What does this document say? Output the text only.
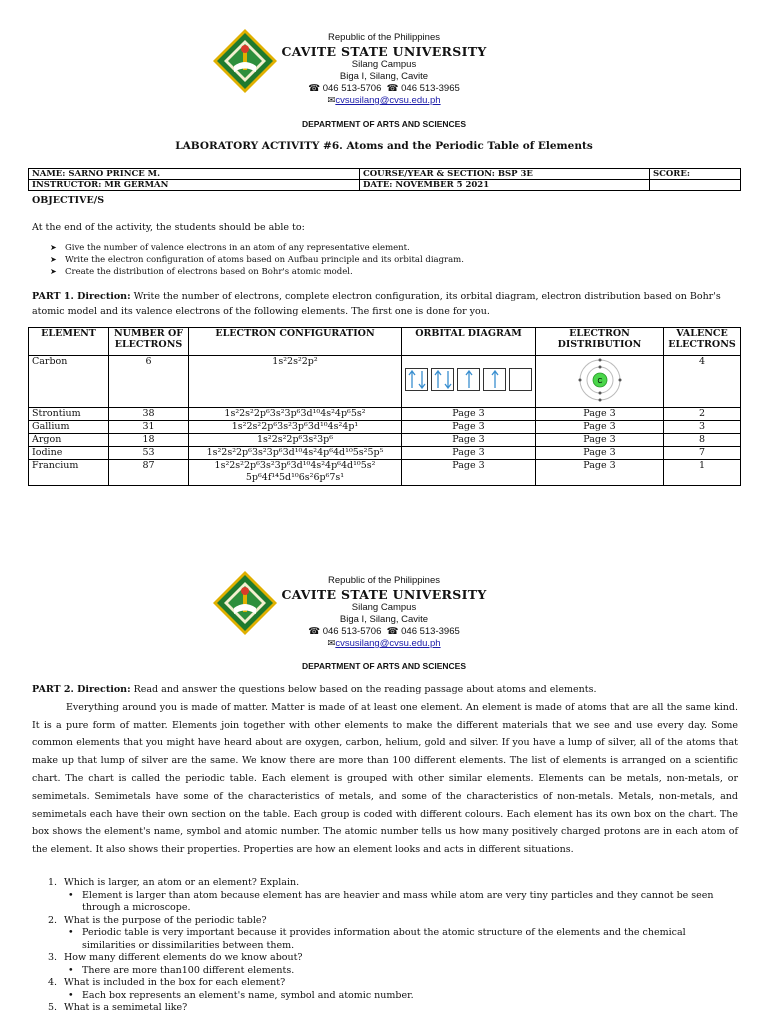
Republic of the Philippines
CAVITE STATE UNIVERSITY
Silang Campus
Biga I, Silang, Cavite
☎ 046 513-5706 ☎ 046 513-3965
✉cvsusilang@cvsu.edu.ph
DEPARTMENT OF ARTS AND SCIENCES
LABORATORY ACTIVITY #6. Atoms and the Periodic Table of Elements
NAME: SARNO PRINCE M.	COURSE/YEAR & SECTION: BSP 3E	SCORE:
INSTRUCTOR: MR GERMAN	DATE: NOVEMBER 5 2021	
OBJECTIVE/S
At the end of the activity, the students should be able to:
➤ Give the number of valence electrons in an atom of any representative element.
➤ Write the electron configuration of atoms based on Aufbau principle and its orbital diagram.
➤ Create the distribution of electrons based on Bohr's atomic model.
PART 1. Direction: Write the number of electrons, complete electron configuration, its orbital diagram, electron distribution based on Bohr's atomic model and its valence electrons of the following elements. The first one is done for you.
ELEMENT	NUMBER OF ELECTRONS	ELECTRON CONFIGURATION	ORBITAL DIAGRAM	ELECTRON DISTRIBUTION	VALENCE ELECTRONS
Carbon	6	1s²2s²2p²		C	4
Strontium	38	1s²2s²2p⁶3s²3p⁶3d¹⁰4s²4p⁶5s²	Page 3	Page 3	2
Gallium	31	1s²2s²2p⁶3s²3p⁶3d¹⁰4s²4p¹	Page 3	Page 3	3
Argon	18	1s²2s²2p⁶3s²3p⁶	Page 3	Page 3	8
Iodine	53	1s²2s²2p⁶3s²3p⁶3d¹⁰4s²4p⁶4d¹⁰5s²5p⁵	Page 3	Page 3	7
Francium	87	1s²2s²2p⁶3s²3p⁶3d¹⁰4s²4p⁶4d¹⁰5s²
5p⁶4f¹⁴5d¹⁰6s²6p⁶7s¹	Page 3	Page 3	1
Republic of the Philippines
CAVITE STATE UNIVERSITY
Silang Campus
Biga I, Silang, Cavite
☎ 046 513-5706 ☎ 046 513-3965
✉cvsusilang@cvsu.edu.ph
DEPARTMENT OF ARTS AND SCIENCES
PART 2. Direction: Read and answer the questions below based on the reading passage about atoms and elements.
Everything around you is made of matter. Matter is made of at least one element. An element is made of atoms that are all the same kind. It is a pure form of matter. Elements join together with other elements to make the different materials that we see and use every day. Some common elements that you might have heard about are oxygen, carbon, helium, gold and silver. If you have a lump of silver, all of the atoms that make up that lump of silver are the same. We know there are more than 100 different elements. The list of elements is arranged on a scientific chart. The chart is called the periodic table. Each element is grouped with other similar elements. Elements can be metals, non-metals, or semimetals. Semimetals have some of the characteristics of metals, and some of the characteristics of non-metals. Metals, non-metals, and semimetals each have their own section on the table. Each group is coded with different colours. Each element has its own box on the chart. The box shows the element's name, symbol and atomic number. The atomic number tells us how many positively charged protons are in each atom of the element. It also shows their properties. Properties are how an element looks and acts in different situations.
1. Which is larger, an atom or an element? Explain.
• Element is larger than atom because element has are heavier and mass while atom are very tiny particles and they cannot be seen through a microscope.
2. What is the purpose of the periodic table?
• Periodic table is very important because it provides information about the atomic structure of the elements and the chemical similarities or dissimilarities between them.
3. How many different elements do we know about?
• There are more than100 different elements.
4. What is included in the box for each element?
• Each box represents an element's name, symbol and atomic number.
5. What is a semimetal like?
